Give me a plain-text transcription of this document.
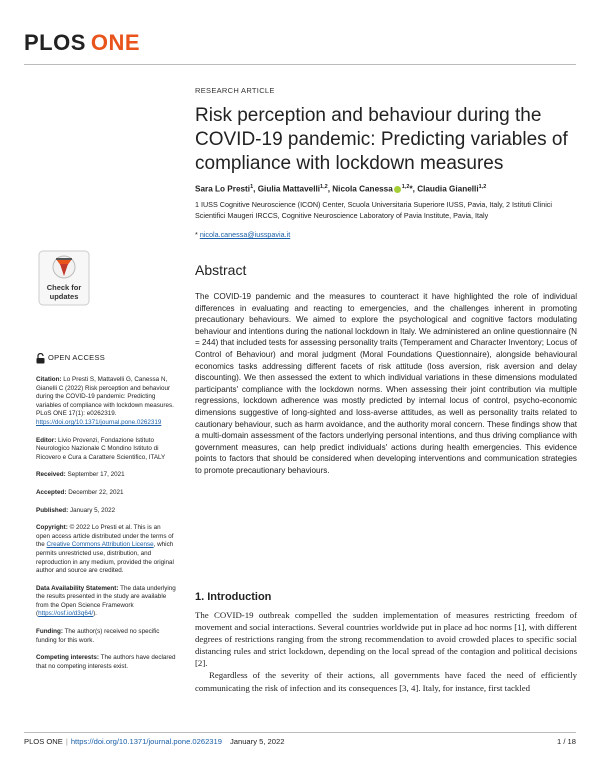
PLOS ONE
RESEARCH ARTICLE
Risk perception and behaviour during the COVID-19 pandemic: Predicting variables of compliance with lockdown measures
Sara Lo Presti$^1$, Giulia Mattavelli$^{1,2}$, Nicola Canessa $^{1,2}$*, Claudia Gianelli$^{1,2}$
1 IUSS Cognitive Neuroscience (ICON) Center, Scuola Universitaria Superiore IUSS, Pavia, Italy, 2 Istituti Clinici Scientifici Maugeri IRCCS, Cognitive Neuroscience Laboratory of Pavia Institute, Pavia, Italy
* nicola.canessa@iusspavia.it
Check for
updates
Abstract

The COVID-19 pandemic and the measures to counteract it have highlighted the role of individual differences in evaluating and reacting to emergencies, and the challenges inherent in promoting precautionary behaviours. We aimed to explore the psychological and cognitive factors modulating behaviour and intentions during the national lockdown in Italy. We administered an online questionnaire (N = 244) that included tests for assessing personality traits (Temperament and Character Inventory; Locus of Control of Behaviour) and moral judgment (Moral Foundations Questionnaire), alongside behavioural economics tasks addressing different facets of risk attitude (loss aversion, risk aversion and delay discounting). We then assessed the extent to which individual variations in these dimensions modulated participants' compliance with the lockdown norms. When assessing their joint contribution via multiple regressions, lockdown adherence was mostly predicted by internal locus of control, psycho-economic dimensions suggestive of long-sighted and loss-averse attitudes, as well as personality traits related to cautionary behaviour, such as harm avoidance, and the authority moral concern. These findings show that a multi-domain assessment of the factors underlying personal intentions, and thus driving compliance with government measures, can help predict individuals' actions during health emergencies. This evidence points to factors that should be considered when developing interventions and communication strategies to promote precautionary behaviours.

OPEN ACCESS
Citation: Lo Presti S, Mattavelli G, Canessa N, Gianelli C (2022) Risk perception and behaviour during the COVID-19 pandemic: Predicting variables of compliance with lockdown measures. PLoS ONE 17(1): e0262319. https://doi.org/10.1371/journal.pone.0262319
Editor: Livio Provenzi, Fondazione Istituto Neurologico Nazionale C Mondino Istituto di Ricovero e Cura a Carattere Scientifico, ITALY
Received: September 17, 2021
Accepted: December 22, 2021
Published: January 5, 2022
Copyright: © 2022 Lo Presti et al. This is an open access article distributed under the terms of the Creative Commons Attribution License, which permits unrestricted use, distribution, and reproduction in any medium, provided the original author and source are credited.
Data Availability Statement: The data underlying the results presented in the study are available from the Open Science Framework (https://osf.io/d3q64/).
Funding: The author(s) received no specific funding for this work.
Competing interests: The authors have declared that no competing interests exist.
1. Introduction

The COVID-19 outbreak compelled the sudden implementation of measures restricting freedom of movement and social interactions. Several countries worldwide put in place ad hoc norms [1], with different degrees of restrictions ranging from the strong recommendation to avoid crowded places to specific social distancing rules and strict lockdown, depending on the local spread of the contagion and political decisions [2].

Regardless of the severity of their actions, all governments have faced the need of efficiently communicating the risk of infection and its consequences [3, 4]. Italy, for instance, first tackled

PLOS ONE | https://doi.org/10.1371/journal.pone.0262319 January 5, 2022	1 / 18
